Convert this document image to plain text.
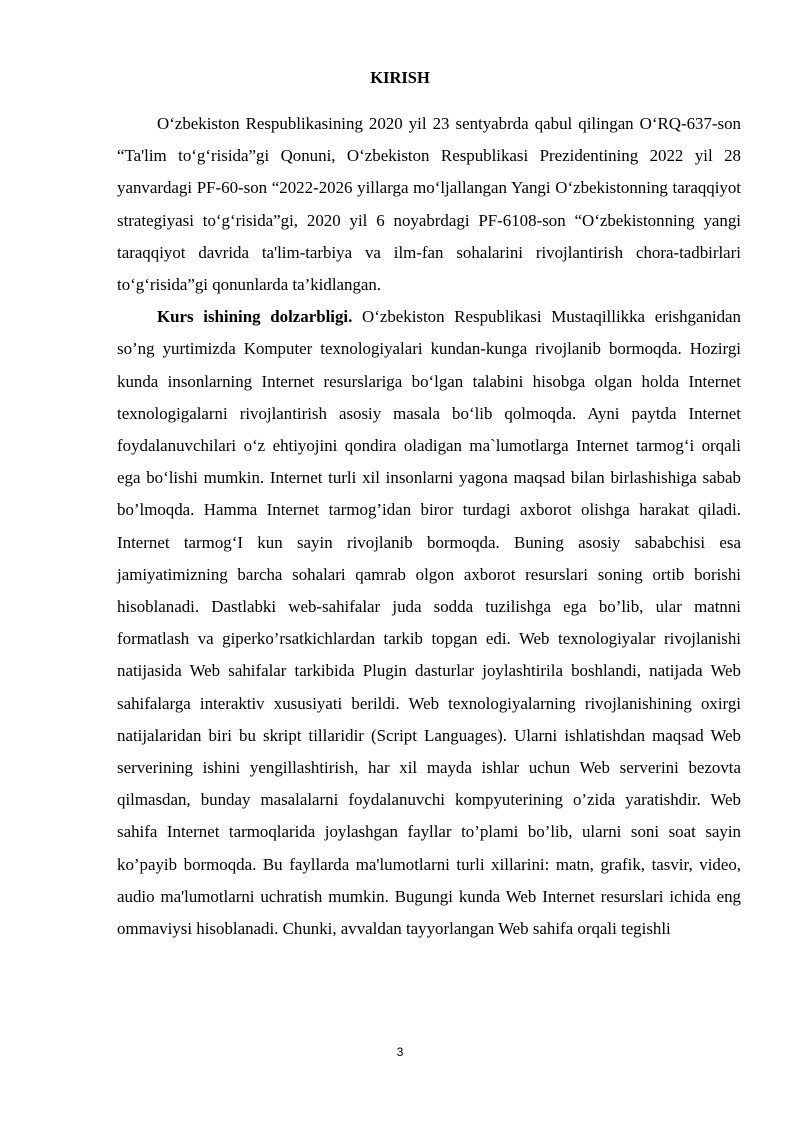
KIRISH

O‘zbekiston Respublikasining 2020 yil 23 sentyabrda qabul qilingan O‘RQ-637-son “Ta'lim to‘g‘risida”gi Qonuni, O‘zbekiston Respublikasi Prezidentining 2022 yil 28 yanvardagi PF-60-son “2022-2026 yillarga mo‘ljallangan Yangi O‘zbekistonning taraqqiyot strategiyasi to‘g‘risida”gi, 2020 yil 6 noyabrdagi PF-6108-son “O‘zbekistonning yangi taraqqiyot davrida ta'lim-tarbiya va ilm-fan sohalarini rivojlantirish chora-tadbirlari to‘g‘risida”gi qonunlarda ta’kidlangan.

Kurs ishining dolzarbligi. O‘zbekiston Respublikasi Mustaqillikka erishganidan so’ng yurtimizda Komputer texnologiyalari kundan-kunga rivojlanib bormoqda. Hozirgi kunda insonlarning Internet resurslariga bo‘lgan talabini hisobga olgan holda Internet texnologigalarni rivojlantirish asosiy masala bo‘lib qolmoqda. Ayni paytda Internet foydalanuvchilari o‘z ehtiyojini qondira oladigan ma`lumotlarga Internet tarmog‘i orqali ega bo‘lishi mumkin. Internet turli xil insonlarni yagona maqsad bilan birlashishiga sabab bo’lmoqda. Hamma Internet tarmog’idan biror turdagi axborot olishga harakat qiladi. Internet tarmog‘I kun sayin rivojlanib bormoqda. Buning asosiy sababchisi esa jamiyatimizning barcha sohalari qamrab olgon axborot resurslari soning ortib borishi hisoblanadi. Dastlabki web-sahifalar juda sodda tuzilishga ega bo’lib, ular matnni formatlash va giperko’rsatkichlardan tarkib topgan edi. Web texnologiyalar rivojlanishi natijasida Web sahifalar tarkibida Plugin dasturlar joylashtirila boshlandi, natijada Web sahifalarga interaktiv xususiyati berildi. Web texnologiyalarning rivojlanishining oxirgi natijalaridan biri bu skript tillaridir (Script Languages). Ularni ishlatishdan maqsad Web serverining ishini yengillashtirish, har xil mayda ishlar uchun Web serverini bezovta qilmasdan, bunday masalalarni foydalanuvchi kompyuterining o’zida yaratishdir. Web sahifa Internet tarmoqlarida joylashgan fayllar to’plami bo’lib, ularni soni soat sayin ko’payib bormoqda. Bu fayllarda ma'lumotlarni turli xillarini: matn, grafik, tasvir, video, audio ma'lumotlarni uchratish mumkin. Bugungi kunda Web Internet resurslari ichida eng ommaviysi hisoblanadi. Chunki, avvaldan tayyorlangan Web sahifa orqali tegishli

3
